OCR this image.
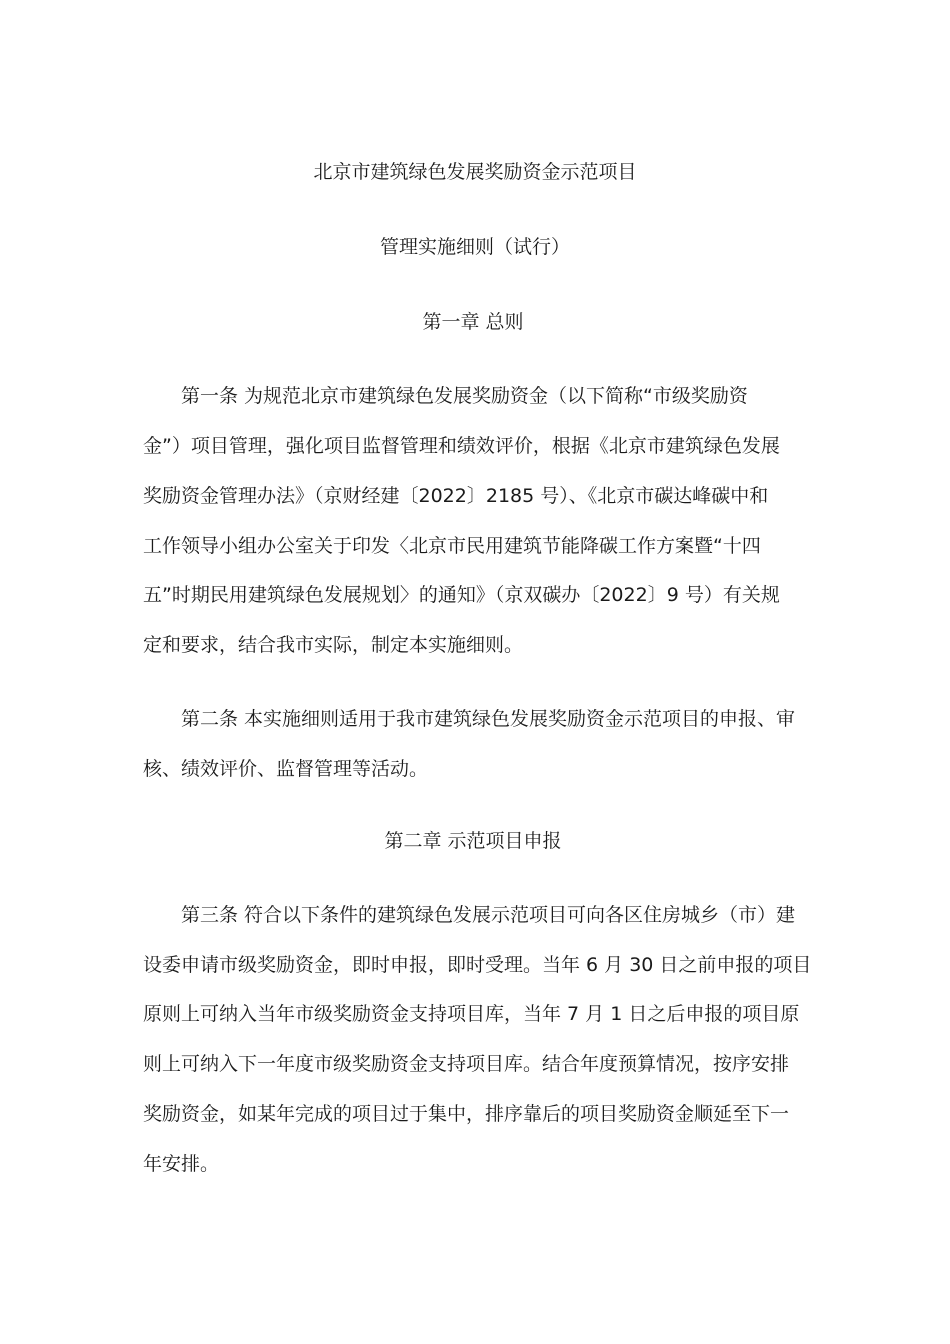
北京市建筑绿色发展奖励资金示范项目
管理实施细则（试行）
第一章 总则
第一条 为规范北京市建筑绿色发展奖励资金（以下简称“市级奖励资
金”）项目管理，强化项目监督管理和绩效评价，根据《北京市建筑绿色发展
奖励资金管理办法》（京财经建〔2022〕2185 号）、《北京市碳达峰碳中和
工作领导小组办公室关于印发〈北京市民用建筑节能降碳工作方案暨“十四
五”时期民用建筑绿色发展规划〉的通知》（京双碳办〔2022〕9 号）有关规
定和要求，结合我市实际，制定本实施细则。
第二条 本实施细则适用于我市建筑绿色发展奖励资金示范项目的申报、审
核、绩效评价、监督管理等活动。
第二章 示范项目申报
第三条 符合以下条件的建筑绿色发展示范项目可向各区住房城乡（市）建
设委申请市级奖励资金，即时申报，即时受理。当年 6 月 30 日之前申报的项目
原则上可纳入当年市级奖励资金支持项目库，当年 7 月 1 日之后申报的项目原
则上可纳入下一年度市级奖励资金支持项目库。结合年度预算情况，按序安排
奖励资金，如某年完成的项目过于集中，排序靠后的项目奖励资金顺延至下一
年安排。
